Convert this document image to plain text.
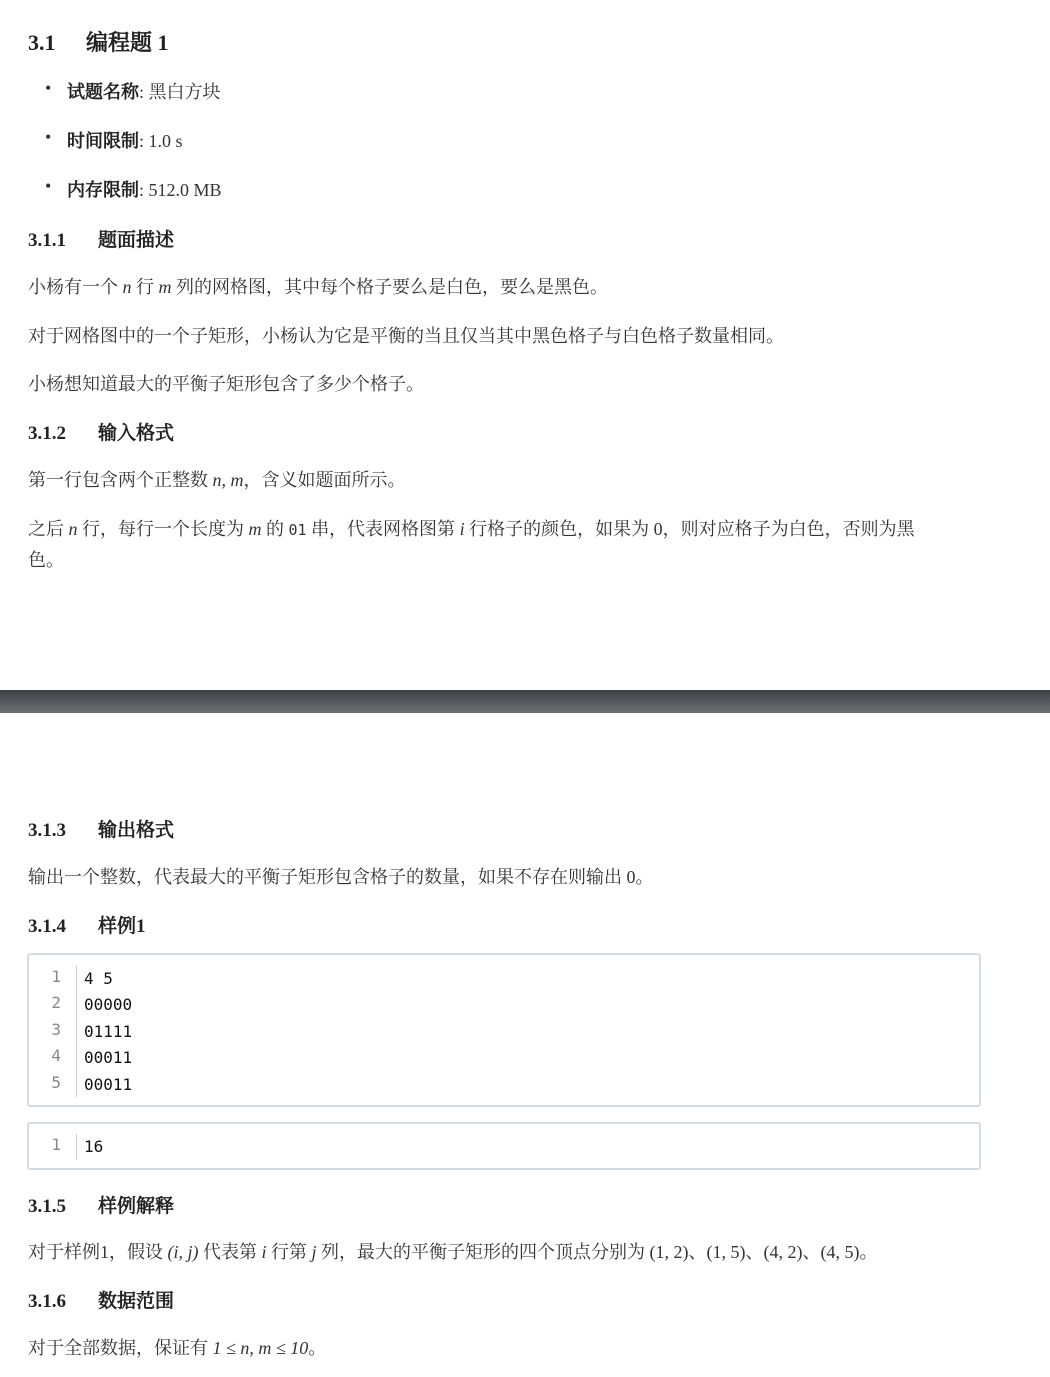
3.1 编程题 1
• 试题名称: 黑白方块
• 时间限制: 1.0 s
• 内存限制: 512.0 MB
3.1.1 题面描述
小杨有一个 n 行 m 列的网格图，其中每个格子要么是白色，要么是黑色。
对于网格图中的一个子矩形，小杨认为它是平衡的当且仅当其中黑色格子与白色格子数量相同。
小杨想知道最大的平衡子矩形包含了多少个格子。
3.1.2 输入格式
第一行包含两个正整数 n, m，含义如题面所示。
之后 n 行，每行一个长度为 m 的 01 串，代表网格图第 i 行格子的颜色，如果为 0，则对应格子为白色，否则为黑
色。
3.1.3 输出格式
输出一个整数，代表最大的平衡子矩形包含格子的数量，如果不存在则输出 0。
3.1.4 样例1
1
2
3
4
5
4 5
00000
01111
00011
00011
1 16
3.1.5 样例解释
对于样例1，假设 (i, j) 代表第 i 行第 j 列，最大的平衡子矩形的四个顶点分别为 (1, 2)、(1, 5)、(4, 2)、(4, 5)。
3.1.6 数据范围
对于全部数据，保证有 1 ≤ n, m ≤ 10。
